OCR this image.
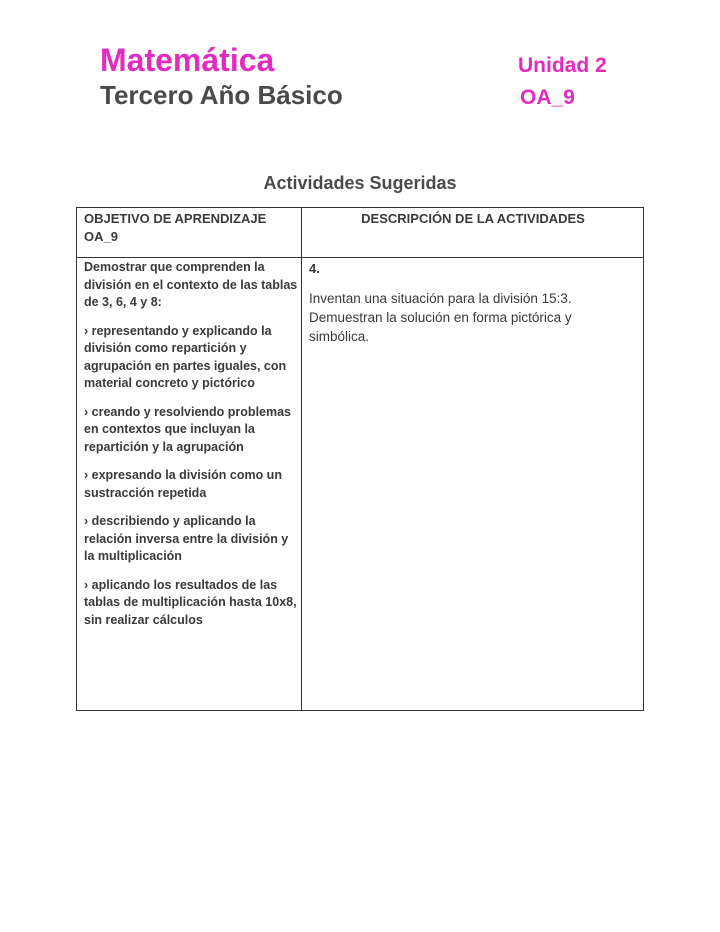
Matemática
Tercero Año Básico
Unidad 2
OA_9
Actividades Sugeridas
OBJETIVO DE APRENDIZAJE OA_9
DESCRIPCIÓN DE LA ACTIVIDADES

Demostrar que comprenden la división en el contexto de las tablas de 3, 6, 4 y 8:

› representando y explicando la división como repartición y agrupación en partes iguales, con material concreto y pictórico

› creando y resolviendo problemas en contextos que incluyan la repartición y la agrupación

› expresando la división como un sustracción repetida

› describiendo y aplicando la relación inversa entre la división y la multiplicación

› aplicando los resultados de las tablas de multiplicación hasta 10x8, sin realizar cálculos

4.
Inventan una situación para la división 15:3. Demuestran la solución en forma pictórica y simbólica.
